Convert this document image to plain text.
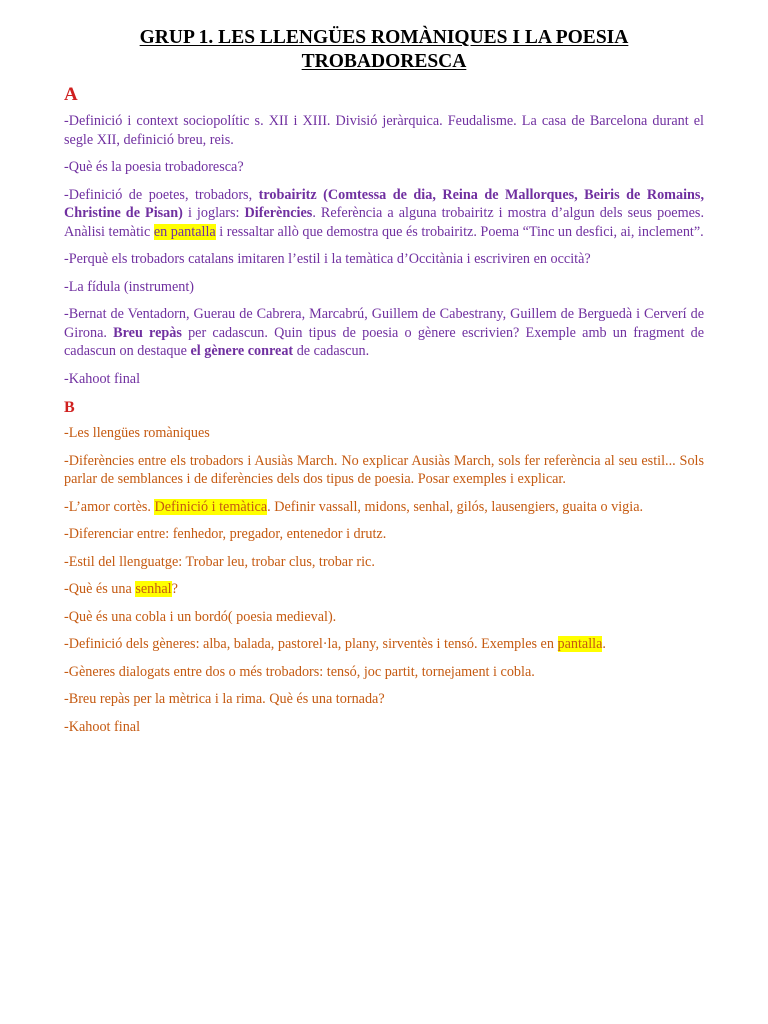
GRUP 1. LES LLENGÜES ROMÀNIQUES I LA POESIA
TROBADORESCA
A

-Definició i context sociopolític s. XII i XIII. Divisió jeràrquica. Feudalisme. La casa de Barcelona durant el segle XII, definició breu, reis.

-Què és la poesia trobadoresca?

-Definició de poetes, trobadors, trobairitz (Comtessa de dia, Reina de Mallorques, Beiris de Romains, Christine de Pisan) i joglars: Diferències. Referència a alguna trobairitz i mostra d’algun dels seus poemes. Anàlisi temàtic en pantalla i ressaltar allò que demostra que és trobairitz. Poema “Tinc un desfici, ai, inclement”.

-Perquè els trobadors catalans imitaren l’estil i la temàtica d’Occitània i escriviren en occità?

-La fídula (instrument)

-Bernat de Ventadorn, Guerau de Cabrera, Marcabrú, Guillem de Cabestrany, Guillem de Berguedà i Cerverí de Girona. Breu repàs per cadascun. Quin tipus de poesia o gènere escrivien? Exemple amb un fragment de cadascun on destaque el gènere conreat de cadascun.

-Kahoot final

B

-Les llengües romàniques

-Diferències entre els trobadors i Ausiàs March. No explicar Ausiàs March, sols fer referència al seu estil... Sols parlar de semblances i de diferències dels dos tipus de poesia. Posar exemples i explicar.

-L’amor cortès. Definició i temàtica. Definir vassall, midons, senhal, gilós, lausengiers, guaita o vigia.

-Diferenciar entre: fenhedor, pregador, entenedor i drutz.

-Estil del llenguatge: Trobar leu, trobar clus, trobar ric.

-Què és una senhal?

-Què és una cobla i un bordó( poesia medieval).

-Definició dels gèneres: alba, balada, pastorel·la, plany, sirventès i tensó. Exemples en pantalla.

-Gèneres dialogats entre dos o més trobadors: tensó, joc partit, tornejament i cobla.

-Breu repàs per la mètrica i la rima. Què és una tornada?

-Kahoot final
